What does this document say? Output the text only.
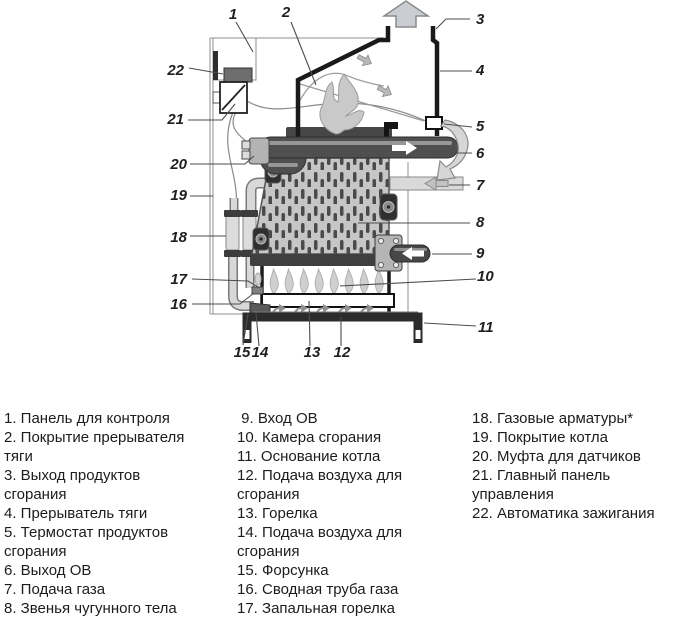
1	2	3
4
5
6
7
8
9
10
11
12
13
14
15
16
17
18
19
20
21
22
1. Панель для контроля
2. Покрытие прерывателя тяги
3. Выход продуктов сгорания
4. Прерыватель тяги
5. Термостат продуктов сгорания
6. Выход ОВ
7. Подача газа
8. Звенья чугунного тела
9. Вход ОВ
10. Камера сгорания
11. Основание котла
12. Подача воздуха для сгорания
13. Горелка
14. Подача воздуха для сгорания
15. Форсунка
16. Сводная труба газа
17. Запальная горелка
18. Газовые арматуры*
19. Покрытие котла
20. Муфта для датчиков
21. Главный панель управления
22. Автоматика зажигания
